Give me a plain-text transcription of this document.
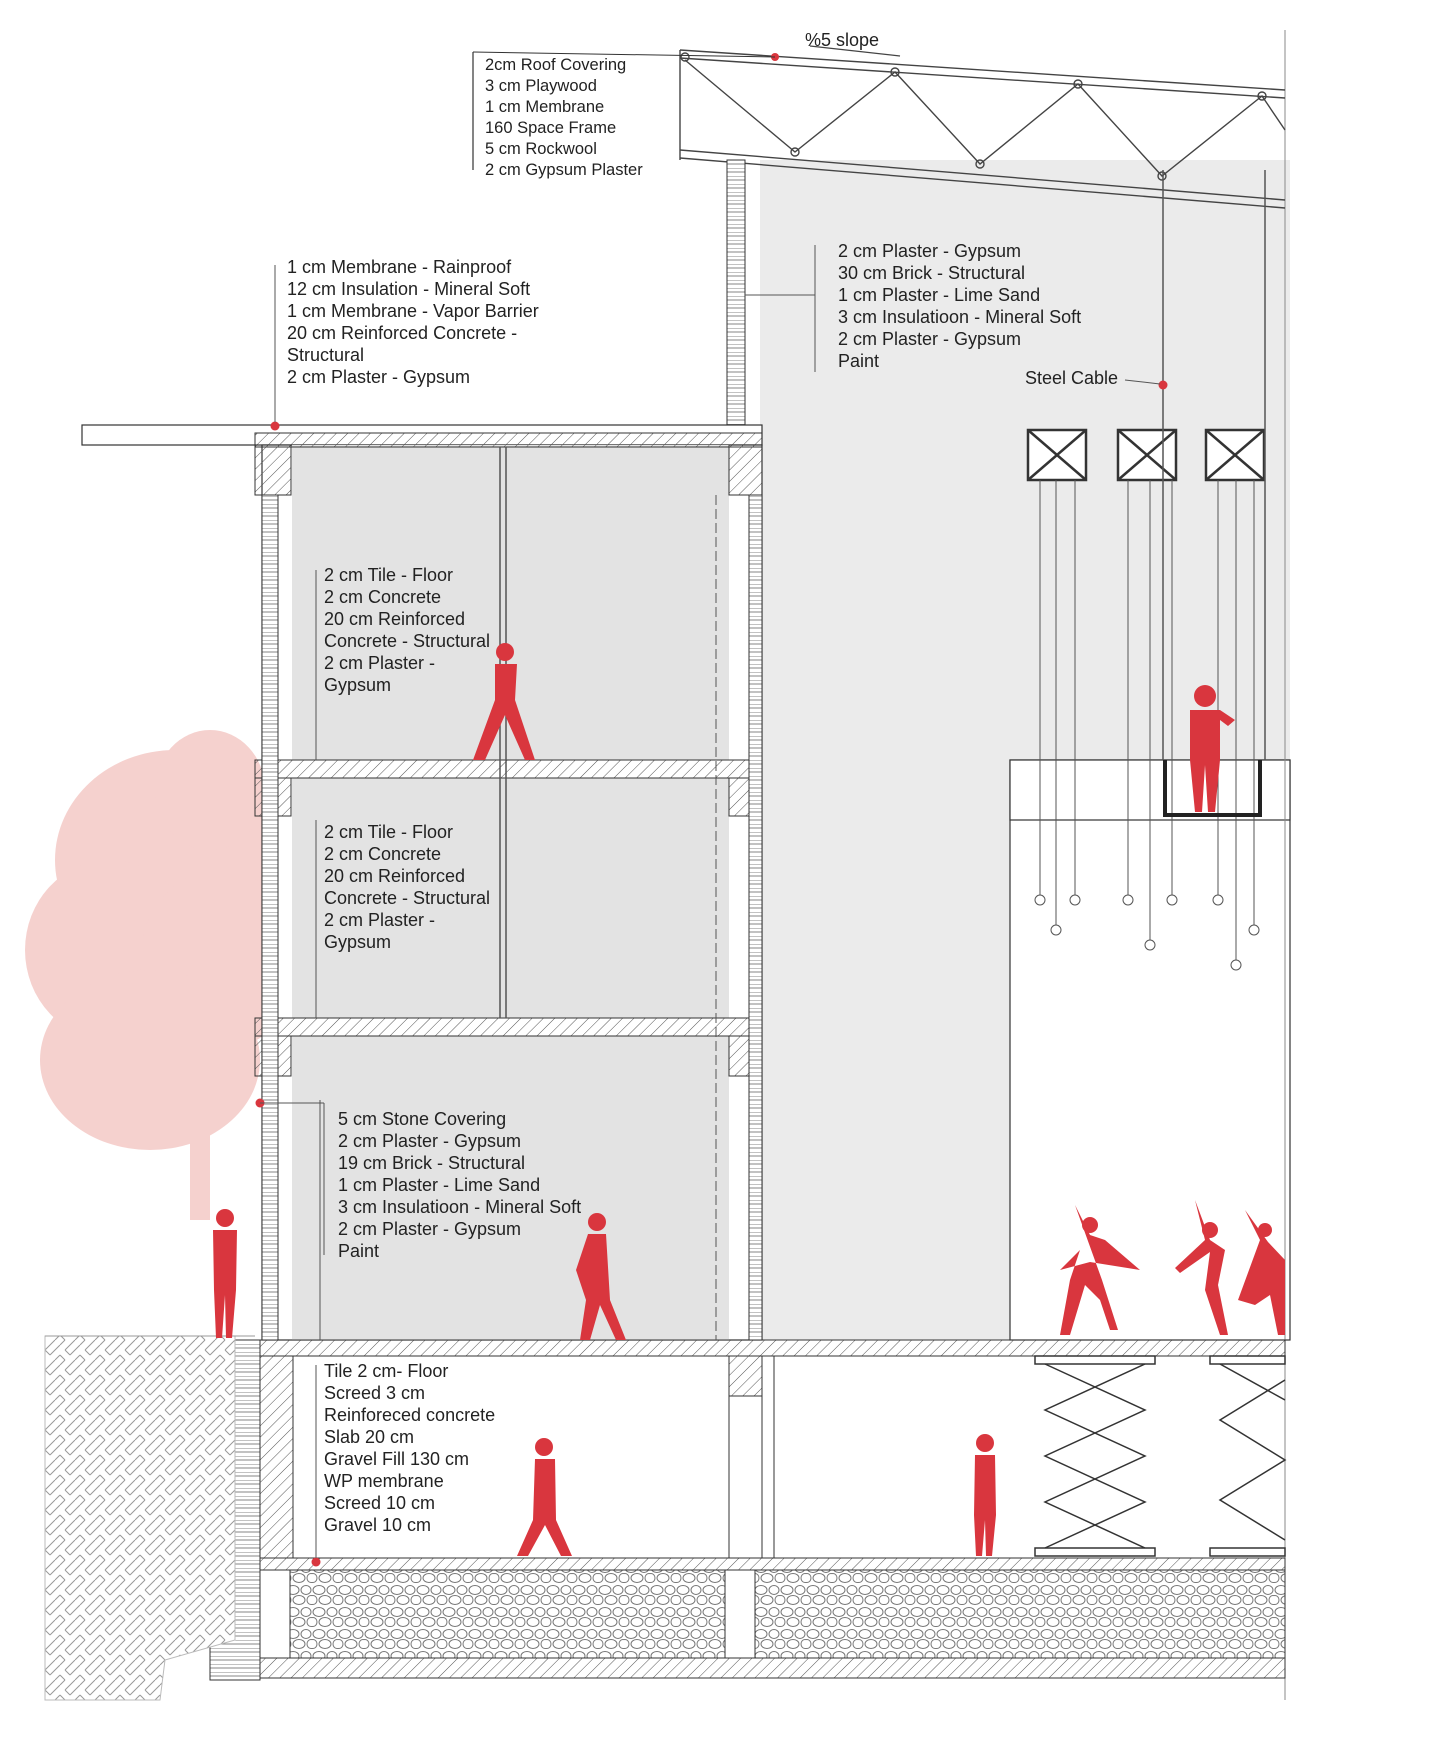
%5 slope
2cm Roof Covering
3 cm Playwood
1 cm Membrane
160 Space Frame
5 cm Rockwool
2 cm Gypsum Plaster
1 cm Membrane - Rainproof
12 cm Insulation - Mineral Soft
1 cm Membrane - Vapor Barrier
20 cm Reinforced Concrete -
Structural
2 cm Plaster - Gypsum
2 cm Plaster - Gypsum
30 cm Brick - Structural
1 cm Plaster - Lime Sand
3 cm Insulatioon - Mineral Soft
2 cm Plaster - Gypsum
Paint
Steel Cable
2 cm Tile - Floor
2 cm Concrete
20 cm Reinforced
Concrete - Structural
2 cm Plaster -
Gypsum
2 cm Tile - Floor
2 cm Concrete
20 cm Reinforced
Concrete - Structural
2 cm Plaster -
Gypsum
5 cm Stone Covering
2 cm Plaster - Gypsum
19 cm Brick - Structural
1 cm Plaster - Lime Sand
3 cm Insulatioon - Mineral Soft
2 cm Plaster - Gypsum
Paint
Tile 2 cm- Floor
Screed 3 cm
Reinforeced concrete
Slab 20 cm
Gravel Fill 130 cm
WP membrane
Screed 10 cm
Gravel 10 cm
